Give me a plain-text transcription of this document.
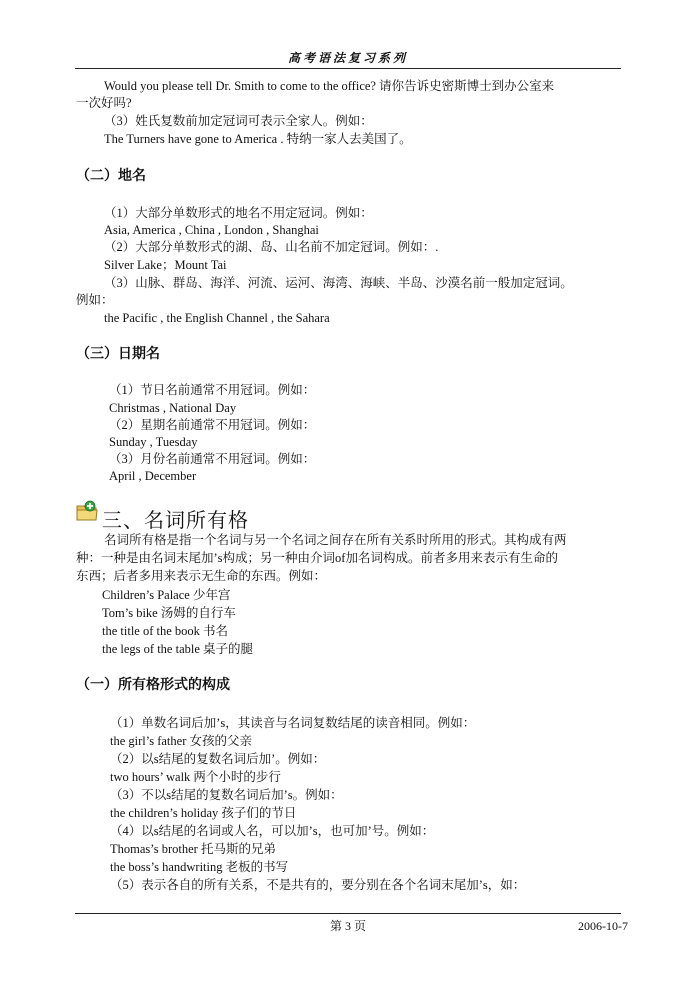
高考语法复习系列
Would you please tell Dr. Smith to come to the office? 请你告诉史密斯博士到办公室来
一次好吗?
（3）姓氏复数前加定冠词可表示全家人。例如：
The Turners have gone to America . 特纳一家人去美国了。
（二）地名
（1）大部分单数形式的地名不用定冠词。例如：
Asia, America , China , London , Shanghai
（2）大部分单数形式的湖、岛、山名前不加定冠词。例如：.
Silver Lake；Mount Tai
（3）山脉、群岛、海洋、河流、运河、海湾、海峡、半岛、沙漠名前一般加定冠词。
例如：
the Pacific , the English Channel , the Sahara
（三）日期名
（1）节日名前通常不用冠词。例如：
Christmas , National Day
（2）星期名前通常不用冠词。例如：
Sunday , Tuesday
（3）月份名前通常不用冠词。例如：
April , December
三、名词所有格
名词所有格是指一个名词与另一个名词之间存在所有关系时所用的形式。其构成有两
种：一种是由名词末尾加’s构成；另一种由介词of加名词构成。前者多用来表示有生命的
东西；后者多用来表示无生命的东西。例如：
Children’s Palace 少年宫
Tom’s bike 汤姆的自行车
the title of the book 书名
the legs of the table 桌子的腿
（一）所有格形式的构成
（1）单数名词后加’s，其读音与名词复数结尾的读音相同。例如：
the girl’s father 女孩的父亲
（2）以s结尾的复数名词后加’。例如：
two hours’ walk 两个小时的步行
（3）不以s结尾的复数名词后加’s。例如：
the children’s holiday 孩子们的节日
（4）以s结尾的名词或人名，可以加’s，也可加’号。例如：
Thomas’s brother 托马斯的兄弟
the boss’s handwriting 老板的书写
（5）表示各自的所有关系，不是共有的，要分别在各个名词末尾加’s，如：
第 3 页	2006-10-7
